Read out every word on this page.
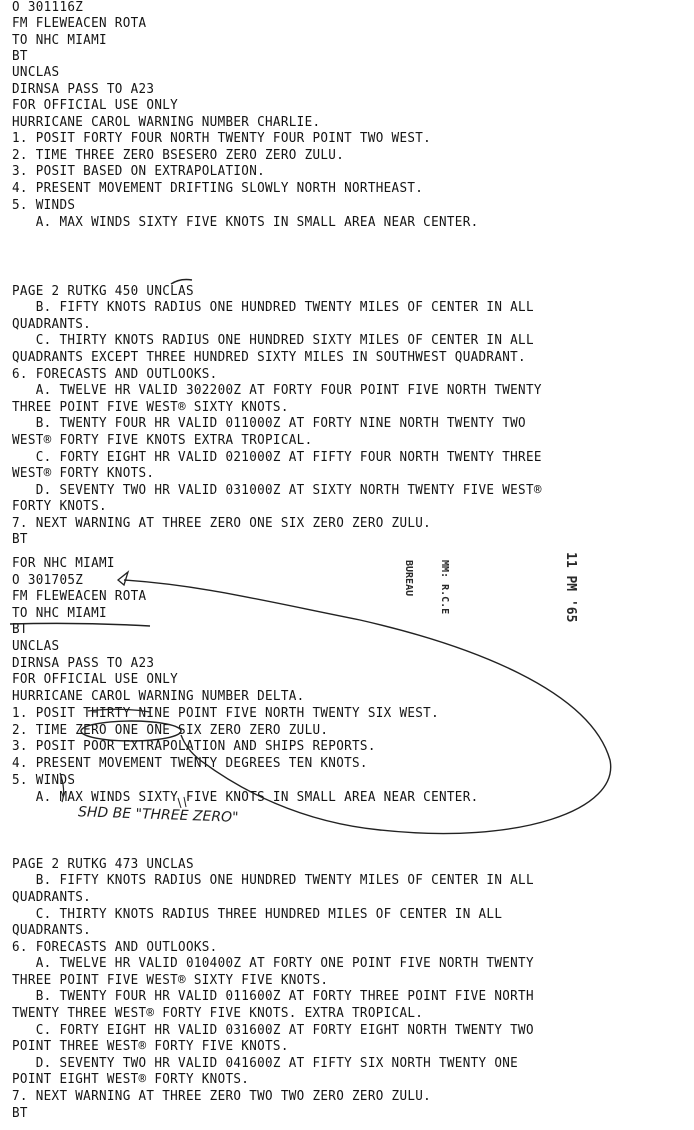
O 301116Z
FM FLEWEACEN ROTA
TO NHC MIAMI
BT
UNCLAS
DIRNSA PASS TO A23
FOR OFFICIAL USE ONLY
HURRICANE CAROL WARNING NUMBER CHARLIE.
1. POSIT FORTY FOUR NORTH TWENTY FOUR POINT TWO WEST.
2. TIME THREE ZERO BSESERO ZERO ZERO ZULU.
3. POSIT BASED ON EXTRAPOLATION.
4. PRESENT MOVEMENT DRIFTING SLOWLY NORTH NORTHEAST.
5. WINDS
A. MAX WINDS SIXTY FIVE KNOTS IN SMALL AREA NEAR CENTER.
PAGE 2 RUTKG 450 UNCLAS
B. FIFTY KNOTS RADIUS ONE HUNDRED TWENTY MILES OF CENTER IN ALL
QUADRANTS.
C. THIRTY KNOTS RADIUS ONE HUNDRED SIXTY MILES OF CENTER IN ALL
QUADRANTS EXCEPT THREE HUNDRED SIXTY MILES IN SOUTHWEST QUADRANT.
6. FORECASTS AND OUTLOOKS.
A. TWELVE HR VALID 302200Z AT FORTY FOUR POINT FIVE NORTH TWENTY
THREE POINT FIVE WEST® SIXTY KNOTS.
B. TWENTY FOUR HR VALID 011000Z AT FORTY NINE NORTH TWENTY TWO
WEST® FORTY FIVE KNOTS EXTRA TROPICAL.
C. FORTY EIGHT HR VALID 021000Z AT FIFTY FOUR NORTH TWENTY THREE
WEST® FORTY KNOTS.
D. SEVENTY TWO HR VALID 031000Z AT SIXTY NORTH TWENTY FIVE WEST®
FORTY KNOTS.
7. NEXT WARNING AT THREE ZERO ONE SIX ZERO ZERO ZULU.
BT
FOR NHC MIAMI
O 301705Z
FM FLEWEACEN ROTA
TO NHC MIAMI
BT
UNCLAS
DIRNSA PASS TO A23
FOR OFFICIAL USE ONLY
HURRICANE CAROL WARNING NUMBER DELTA.
1. POSIT THIRTY NINE POINT FIVE NORTH TWENTY SIX WEST.
2. TIME ZERO ONE ONE SIX ZERO ZERO ZULU.
3. POSIT POOR EXTRAPOLATION AND SHIPS REPORTS.
4. PRESENT MOVEMENT TWENTY DEGREES TEN KNOTS.
5. WINDS
A. MAX WINDS SIXTY FIVE KNOTS IN SMALL AREA NEAR CENTER.
PAGE 2 RUTKG 473 UNCLAS
B. FIFTY KNOTS RADIUS ONE HUNDRED TWENTY MILES OF CENTER IN ALL
QUADRANTS.
C. THIRTY KNOTS RADIUS THREE HUNDRED MILES OF CENTER IN ALL
QUADRANTS.
6. FORECASTS AND OUTLOOKS.
A. TWELVE HR VALID 010400Z AT FORTY ONE POINT FIVE NORTH TWENTY
THREE POINT FIVE WEST® SIXTY FIVE KNOTS.
B. TWENTY FOUR HR VALID 011600Z AT FORTY THREE POINT FIVE NORTH
TWENTY THREE WEST® FORTY FIVE KNOTS. EXTRA TROPICAL.
C. FORTY EIGHT HR VALID 031600Z AT FORTY EIGHT NORTH TWENTY TWO
POINT THREE WEST® FORTY FIVE KNOTS.
D. SEVENTY TWO HR VALID 041600Z AT FIFTY SIX NORTH TWENTY ONE
POINT EIGHT WEST® FORTY KNOTS.
7. NEXT WARNING AT THREE ZERO TWO TWO ZERO ZERO ZULU.
BT
SHD BE "THREE ZERO"

MM: R.C.E

BUREAU

	11 PM '65
